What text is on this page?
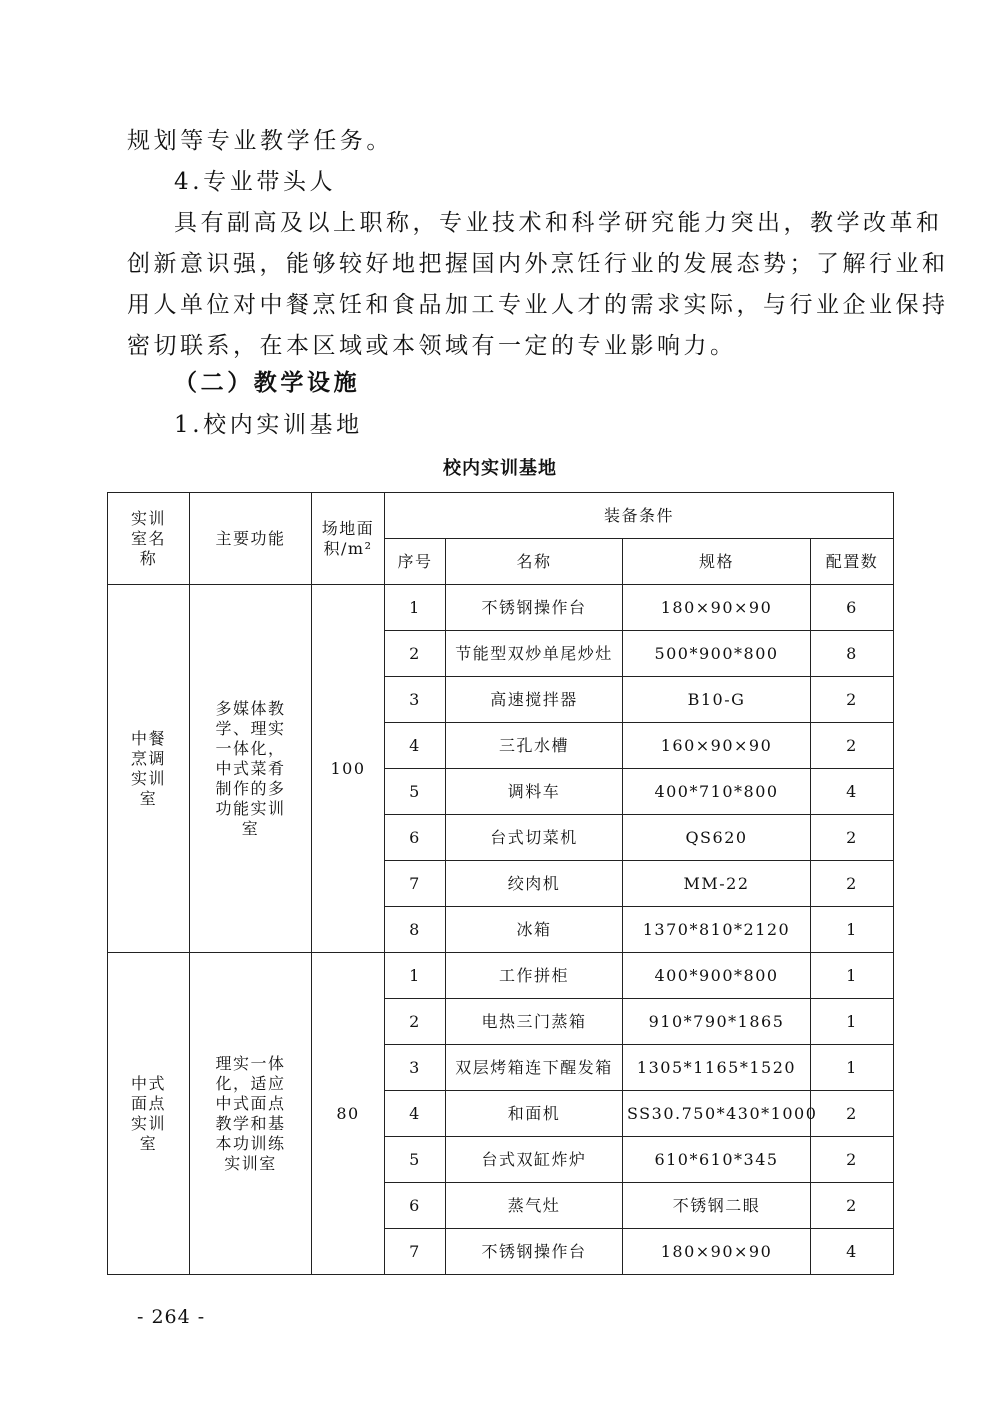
规划等专业教学任务。

4.专业带头人

具有副高及以上职称，专业技术和科学研究能力突出，教学改革和
创新意识强，能够较好地把握国内外烹饪行业的发展态势；了解行业和
用人单位对中餐烹饪和食品加工专业人才的需求实际，与行业企业保持
密切联系，在本区域或本领域有一定的专业影响力。

（二）教学设施

1.校内实训基地

校内实训基地
实训室名称	主要功能	场地面积/m²	装备条件			
			序号	名称	规格	配置数
中餐烹调实训室	多媒体教学、理实一体化，中式菜肴制作的多功能实训室	100	1	不锈钢操作台	180×90×90	6
			2	节能型双炒单尾炒灶	500*900*800	8
			3	高速搅拌器	B10-G	2
			4	三孔水槽	160×90×90	2
			5	调料车	400*710*800	4
			6	台式切菜机	QS620	2
			7	绞肉机	MM-22	2
			8	冰箱	1370*810*2120	1
中式面点实训室	理实一体化，适应中式面点教学和基本功训练实训室	80	1	工作拼柜	400*900*800	1
			2	电热三门蒸箱	910*790*1865	1
			3	双层烤箱连下醒发箱	1305*1165*1520	1
			4	和面机	SS30.750*430*1000	2
			5	台式双缸炸炉	610*610*345	2
			6	蒸气灶	不锈钢二眼	2
			7	不锈钢操作台	180×90×90	4
- 264 -
